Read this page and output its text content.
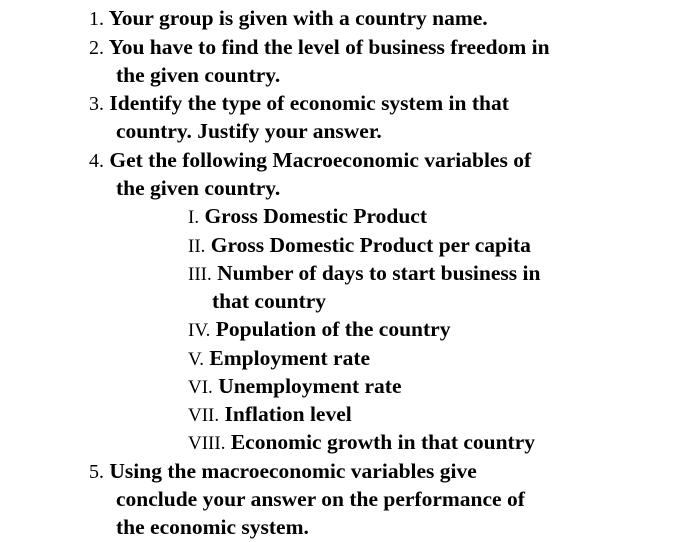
1. Your group is given with a country name.
2. You have to find the level of business freedom in
the given country.
3. Identify the type of economic system in that
country. Justify your answer.
4. Get the following Macroeconomic variables of
the given country.
I. Gross Domestic Product
II. Gross Domestic Product per capita
III. Number of days to start business in
that country
IV. Population of the country
V. Employment rate
VI. Unemployment rate
VII. Inflation level
VIII. Economic growth in that country
5. Using the macroeconomic variables give
conclude your answer on the performance of
the economic system.
